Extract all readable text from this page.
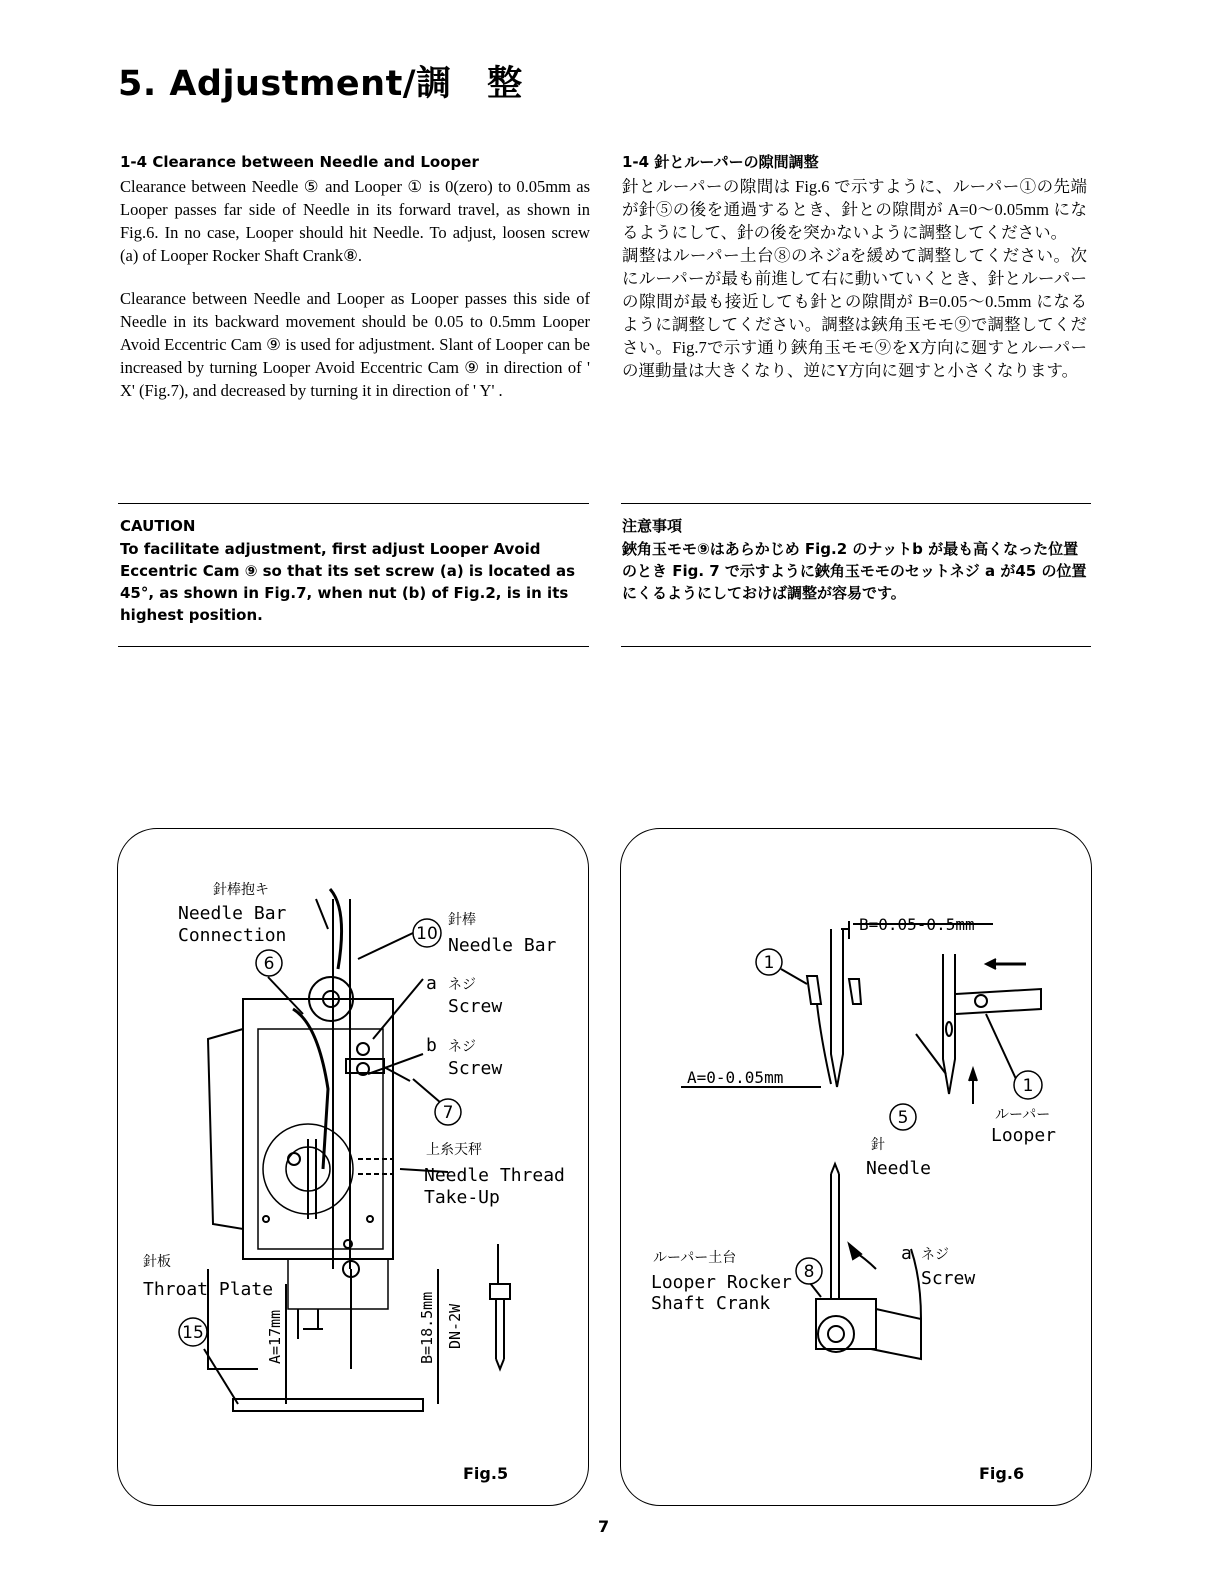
5. Adjustment/調　整

1-4 Clearance between Needle and Looper

Clearance between Needle ⑤ and Looper ① is 0(zero) to 0.05mm as Looper passes far side of Needle in its forward travel, as shown in Fig.6. In no case, Looper should hit Needle. To adjust, loosen screw (a) of Looper Rocker Shaft Crank⑧.

Clearance between Needle and Looper as Looper passes this side of Needle in its backward movement should be 0.05 to 0.5mm Looper Avoid Eccentric Cam ⑨ is used for adjustment. Slant of Looper can be increased by turning Looper Avoid Eccentric Cam ⑨ in direction of ' X' (Fig.7), and decreased by turning it in direction of ' Y' .

1-4 針とルーパーの隙間調整

針とルーパーの隙間は Fig.6 で示すように、ルーパー①の先端が針⑤の後を通過するとき、針との隙間が A=0〜0.05mm になるようにして、針の後を突かないように調整してください。

調整はルーパー土台⑧のネジaを緩めて調整してください。次にルーパーが最も前進して右に動いていくとき、針とルーパーの隙間が最も接近しても針との隙間が B=0.05〜0.5mm になるように調整してください。調整は鋏角玉モモ⑨で調整してください。Fig.7で示す通り鋏角玉モモ⑨をX方向に廻すとルーパーの運動量は大きくなり、逆にY方向に廻すと小さくなります。

CAUTION
To facilitate adjustment, first adjust Looper Avoid Eccentric Cam ⑨ so that its set screw (a) is located as 45°, as shown in Fig.7, when nut (b) of Fig.2, is in its highest position.
注意事項
鋏角玉モモ⑨はあらかじめ Fig.2 のナットb が最も高くなった位置のとき Fig. 7 で示すように鋏角玉モモのセットネジ a が45 の位置にくるようにしておけば調整が容易です。
6
10
7
15
針棒抱キ
Needle Bar
Connection
針棒
Needle Bar
a ネジ
Screw
b ネジ
Screw
上糸天秤
Needle Thread
Take-Up
針板
Throat Plate
A=17mm	B=18.5mm DN-2W
Fig.5
1
1
5
8
B=0.05-0.5mm
A=0-0.05mm
ルーパー
Looper
針
Needle
ルーパー土台
Looper Rocker
Shaft Crank
a ネジ
Screw
Fig.6
7
